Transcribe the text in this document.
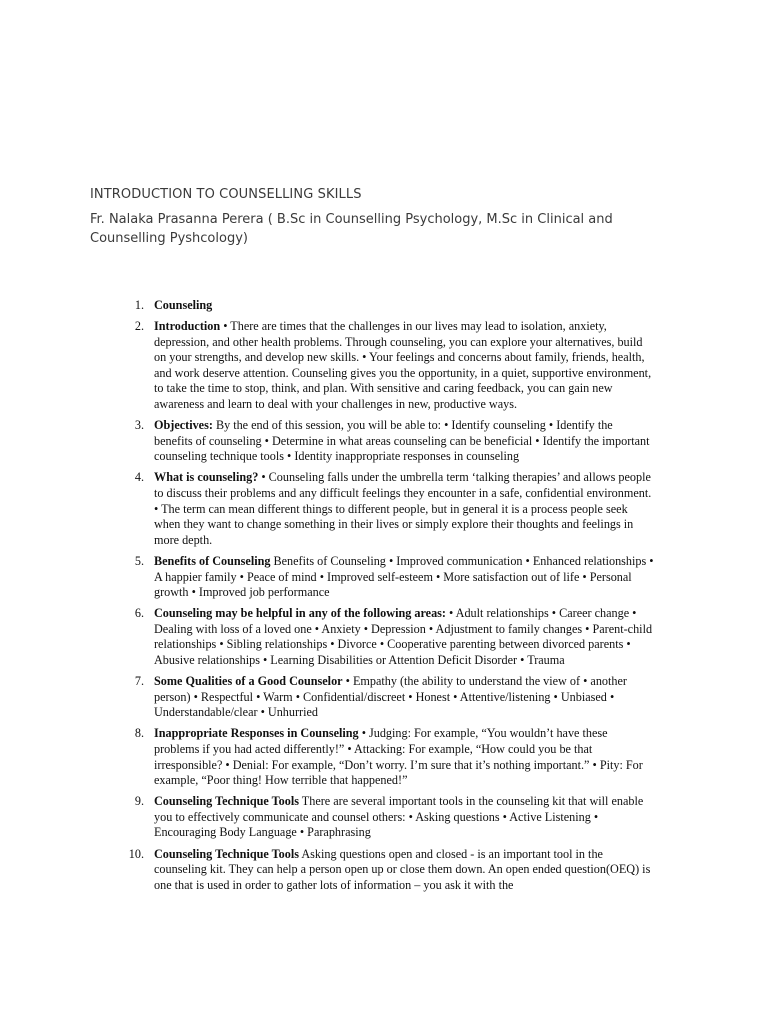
INTRODUCTION TO COUNSELLING SKILLS
Fr. Nalaka Prasanna Perera ( B.Sc in Counselling Psychology, M.Sc in Clinical and Counselling Pyshcology)
1. Counseling
2. Introduction • There are times that the challenges in our lives may lead to isolation, anxiety, depression, and other health problems. Through counseling, you can explore your alternatives, build on your strengths, and develop new skills. • Your feelings and concerns about family, friends, health, and work deserve attention. Counseling gives you the opportunity, in a quiet, supportive environment, to take the time to stop, think, and plan. With sensitive and caring feedback, you can gain new awareness and learn to deal with your challenges in new, productive ways.
3. Objectives: By the end of this session, you will be able to: • Identify counseling • Identify the benefits of counseling • Determine in what areas counseling can be beneficial • Identify the important counseling technique tools • Identity inappropriate responses in counseling
4. What is counseling? • Counseling falls under the umbrella term ‘talking therapies’ and allows people to discuss their problems and any difficult feelings they encounter in a safe, confidential environment. • The term can mean different things to different people, but in general it is a process people seek when they want to change something in their lives or simply explore their thoughts and feelings in more depth.
5. Benefits of Counseling Benefits of Counseling • Improved communication • Enhanced relationships • A happier family • Peace of mind • Improved self-esteem • More satisfaction out of life • Personal growth • Improved job performance
6. Counseling may be helpful in any of the following areas: • Adult relationships • Career change • Dealing with loss of a loved one • Anxiety • Depression • Adjustment to family changes • Parent-child relationships • Sibling relationships • Divorce • Cooperative parenting between divorced parents • Abusive relationships • Learning Disabilities or Attention Deficit Disorder • Trauma
7. Some Qualities of a Good Counselor • Empathy (the ability to understand the view of • another person) • Respectful • Warm • Confidential/discreet • Honest • Attentive/listening • Unbiased • Understandable/clear • Unhurried
8. Inappropriate Responses in Counseling • Judging: For example, “You wouldn’t have these problems if you had acted differently!” • Attacking: For example, “How could you be that irresponsible? • Denial: For example, “Don’t worry. I’m sure that it’s nothing important.” • Pity: For example, “Poor thing! How terrible that happened!”
9. Counseling Technique Tools There are several important tools in the counseling kit that will enable you to effectively communicate and counsel others: • Asking questions • Active Listening • Encouraging Body Language • Paraphrasing
10. Counseling Technique Tools Asking questions open and closed - is an important tool in the counseling kit. They can help a person open up or close them down. An open ended question(OEQ) is one that is used in order to gather lots of information – you ask it with the
